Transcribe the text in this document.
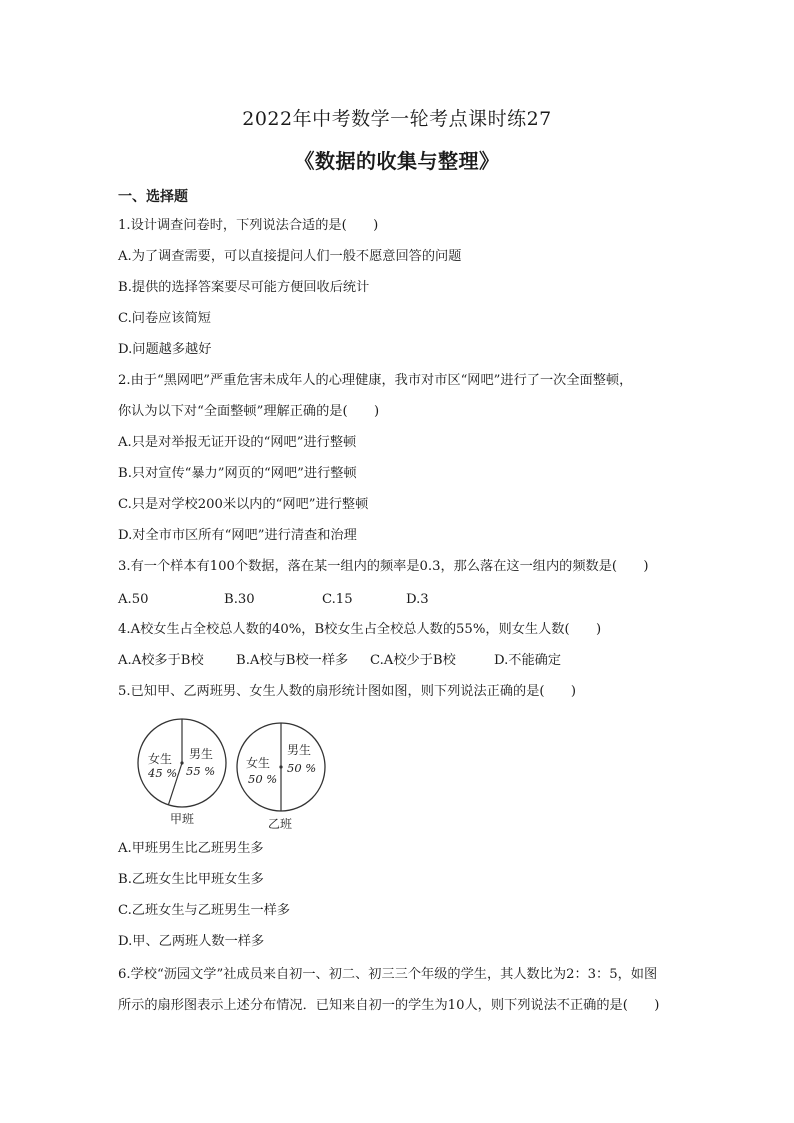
2022年中考数学一轮考点课时练27
《数据的收集与整理》
一、选择题
1.设计调查问卷时，下列说法合适的是(　　)
A.为了调查需要，可以直接提问人们一般不愿意回答的问题
B.提供的选择答案要尽可能方便回收后统计
C.问卷应该简短
D.问题越多越好
2.由于“黑网吧”严重危害未成年人的心理健康，我市对市区“网吧”进行了一次全面整顿，
你认为以下对“全面整顿”理解正确的是(　　)
A.只是对举报无证开设的“网吧”进行整顿
B.只对宣传“暴力”网页的“网吧”进行整顿
C.只是对学校200米以内的“网吧”进行整顿
D.对全市市区所有“网吧”进行清查和治理
3.有一个样本有100个数据，落在某一组内的频率是0.3，那么落在这一组内的频数是(　　)
A.50	B.30	C.15	D.3
4.A校女生占全校总人数的40%，B校女生占全校总人数的55%，则女生人数(　　)
A.A校多于B校 B.A校与B校一样多 C.A校少于B校	D.不能确定
5.已知甲、乙两班男、女生人数的扇形统计图如图，则下列说法正确的是(　　)
男生
55 %
女生
45 %
甲班
男生
50 %
女生
50 %
乙班
A.甲班男生比乙班男生多
B.乙班女生比甲班女生多
C.乙班女生与乙班男生一样多
D.甲、乙两班人数一样多
6.学校“沥园文学”社成员来自初一、初二、初三三个年级的学生，其人数比为2：3：5，如图
所示的扇形图表示上述分布情况．已知来自初一的学生为10人，则下列说法不正确的是(　　)
